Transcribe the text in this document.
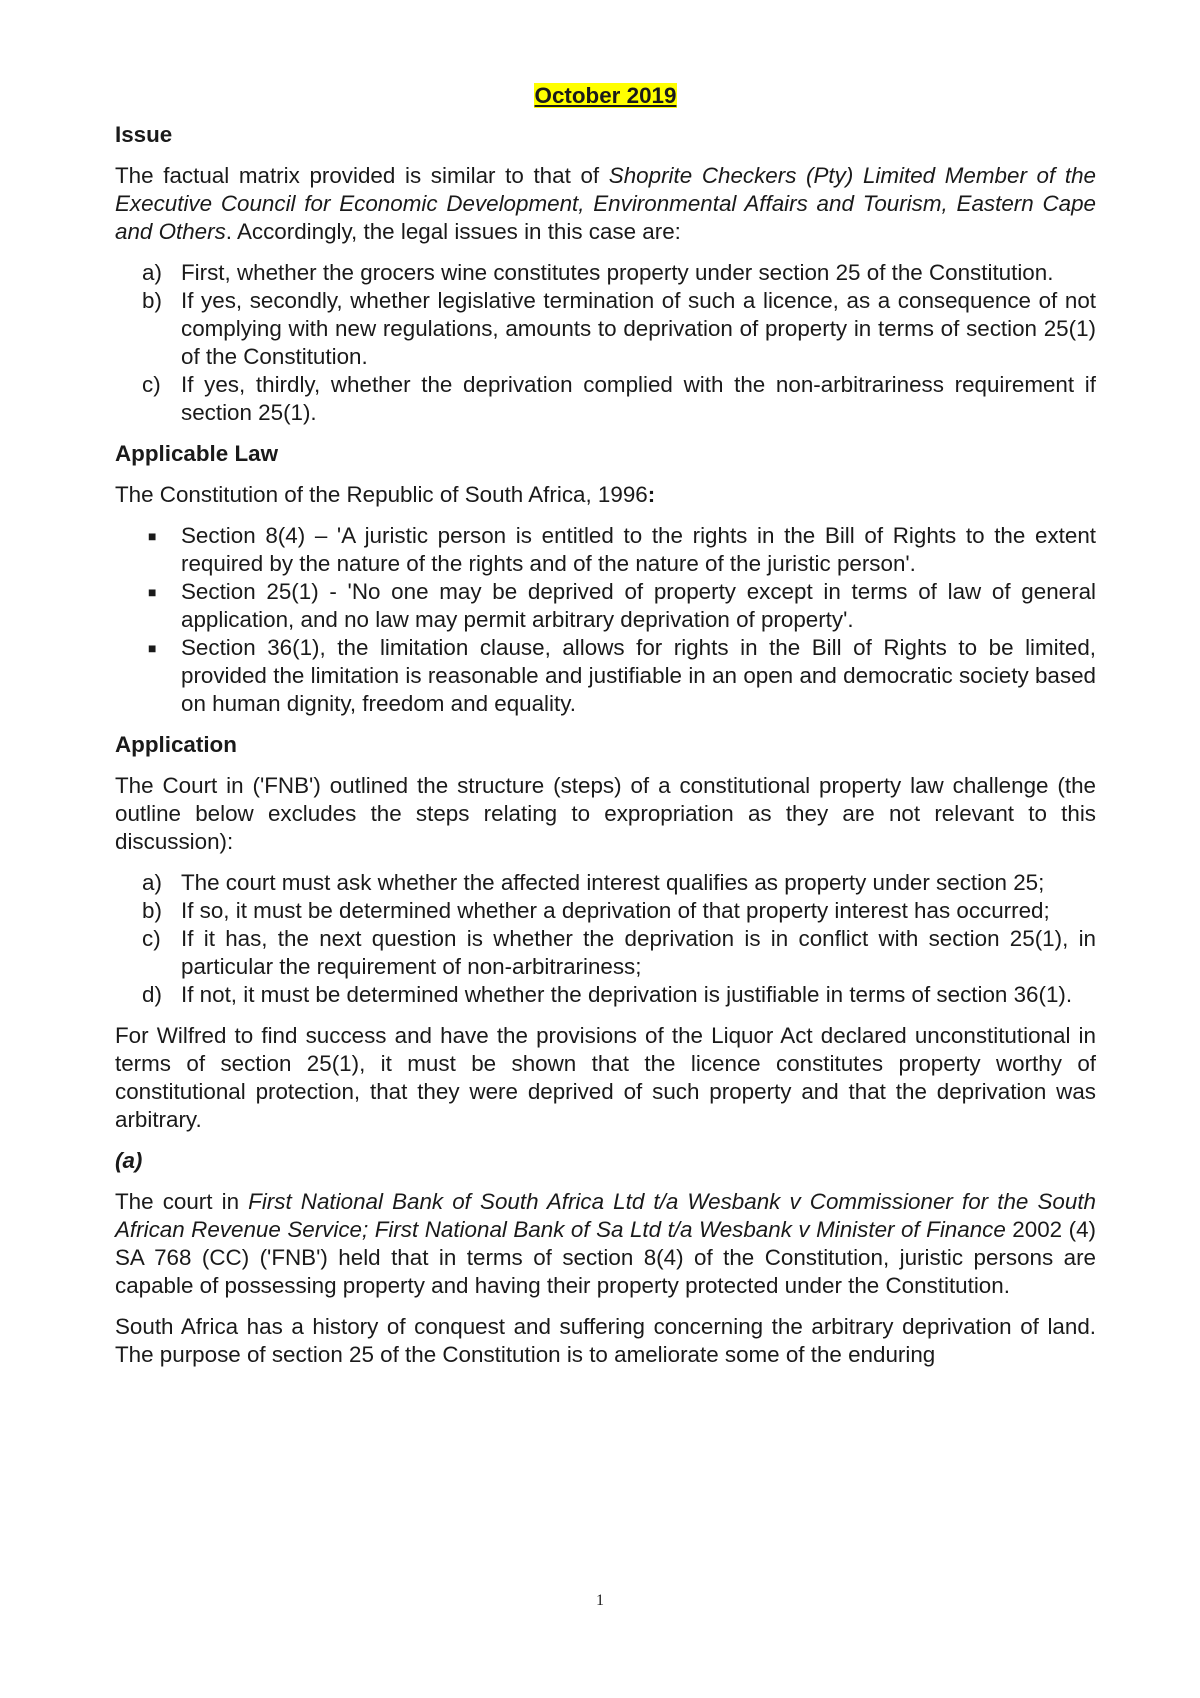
October 2019
Issue

The factual matrix provided is similar to that of Shoprite Checkers (Pty) Limited Member of the Executive Council for Economic Development, Environmental Affairs and Tourism, Eastern Cape and Others. Accordingly, the legal issues in this case are:

a) First, whether the grocers wine constitutes property under section 25 of the Constitution.
b) If yes, secondly, whether legislative termination of such a licence, as a consequence of not complying with new regulations, amounts to deprivation of property in terms of section 25(1) of the Constitution.
c) If yes, thirdly, whether the deprivation complied with the non-arbitrariness requirement if section 25(1).
Applicable Law

The Constitution of the Republic of South Africa, 1996:

■ Section 8(4) – 'A juristic person is entitled to the rights in the Bill of Rights to the extent required by the nature of the rights and of the nature of the juristic person'.
■ Section 25(1) - 'No one may be deprived of property except in terms of law of general application, and no law may permit arbitrary deprivation of property'.
■ Section 36(1), the limitation clause, allows for rights in the Bill of Rights to be limited, provided the limitation is reasonable and justifiable in an open and democratic society based on human dignity, freedom and equality.
Application

The Court in ('FNB') outlined the structure (steps) of a constitutional property law challenge (the outline below excludes the steps relating to expropriation as they are not relevant to this discussion):

a) The court must ask whether the affected interest qualifies as property under section 25;
b) If so, it must be determined whether a deprivation of that property interest has occurred;
c) If it has, the next question is whether the deprivation is in conflict with section 25(1), in particular the requirement of non-arbitrariness;
d) If not, it must be determined whether the deprivation is justifiable in terms of section 36(1).

For Wilfred to find success and have the provisions of the Liquor Act declared unconstitutional in terms of section 25(1), it must be shown that the licence constitutes property worthy of constitutional protection, that they were deprived of such property and that the deprivation was arbitrary.

(a)

The court in First National Bank of South Africa Ltd t/a Wesbank v Commissioner for the South African Revenue Service; First National Bank of Sa Ltd t/a Wesbank v Minister of Finance 2002 (4) SA 768 (CC) ('FNB') held that in terms of section 8(4) of the Constitution, juristic persons are capable of possessing property and having their property protected under the Constitution.

South Africa has a history of conquest and suffering concerning the arbitrary deprivation of land. The purpose of section 25 of the Constitution is to ameliorate some of the enduring

1
